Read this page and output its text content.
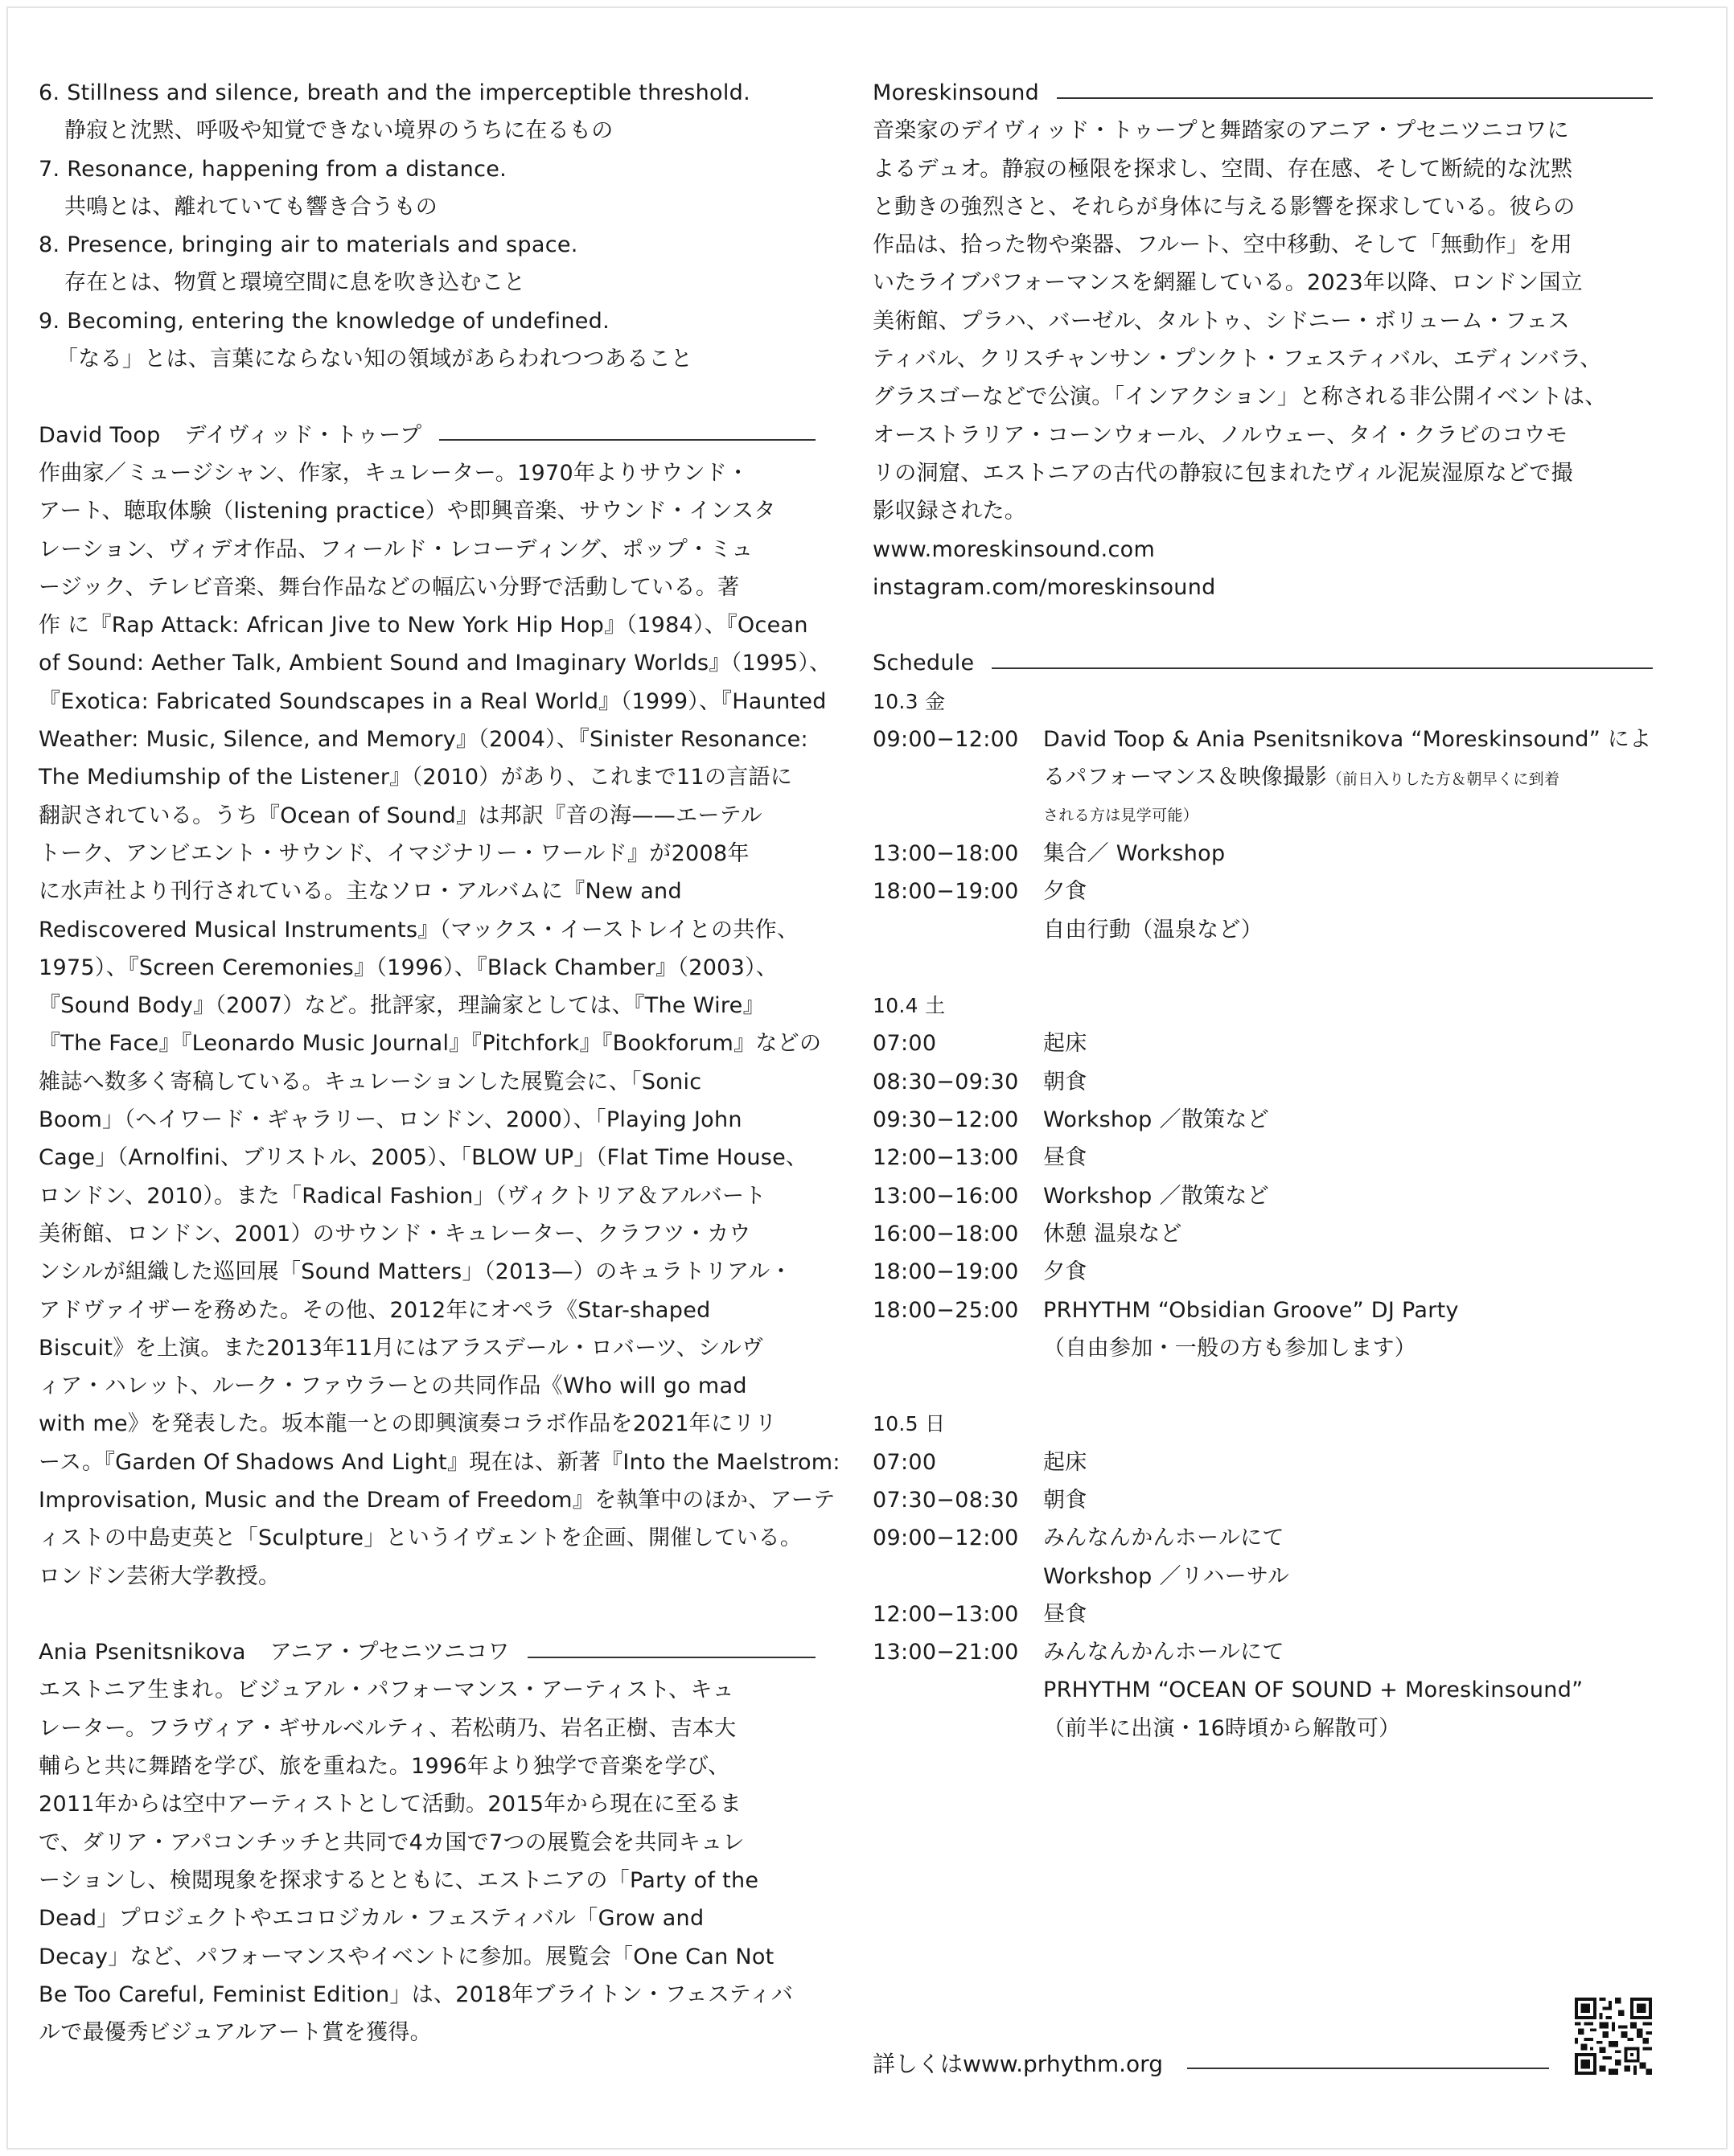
6. Stillness and silence, breath and the imperceptible threshold.
静寂と沈黙、呼吸や知覚できない境界のうちに在るもの
7. Resonance, happening from a distance.
共鳴とは、離れていても響き合うもの
8. Presence, bringing air to materials and space.
存在とは、物質と環境空間に息を吹き込むこと
9. Becoming, entering the knowledge of undefined.
「なる」とは、言葉にならない知の領域があらわれつつあること
David Toop デイヴィッド・トゥープ
作曲家／ミュージシャン、作家，キュレーター。1970年よりサウンド・
アート、聴取体験（listening practice）や即興音楽、サウンド・インスタ
レーション、ヴィデオ作品、フィールド・レコーディング、ポップ・ミュ
ージック、テレビ音楽、舞台作品などの幅広い分野で活動している。著
作 に『Rap Attack: African Jive to New York Hip Hop』（1984）、『Ocean
of Sound: Aether Talk, Ambient Sound and Imaginary Worlds』（1995）、
『Exotica: Fabricated Soundscapes in a Real World』（1999）、『Haunted
Weather: Music, Silence, and Memory』（2004）、『Sinister Resonance:
The Mediumship of the Listener』（2010）があり、これまで11の言語に
翻訳されている。うち『Ocean of Sound』は邦訳『音の海——エーテル
トーク、アンビエント・サウンド、イマジナリー・ワールド』が2008年
に水声社より刊行されている。主なソロ・アルバムに『New and
Rediscovered Musical Instruments』（マックス・イーストレイとの共作、
1975）、『Screen Ceremonies』（1996）、『Black Chamber』（2003）、
『Sound Body』（2007）など。批評家，理論家としては、『The Wire』
『The Face』『Leonardo Music Journal』『Pitchfork』『Bookforum』などの
雑誌へ数多く寄稿している。キュレーションした展覧会に、「Sonic
Boom」（ヘイワード・ギャラリー、ロンドン、2000）、「Playing John
Cage」（Arnolfini、ブリストル、2005）、「BLOW UP」（Flat Time House、
ロンドン、2010）。また「Radical Fashion」（ヴィクトリア＆アルバート
美術館、ロンドン、2001）のサウンド・キュレーター、クラフツ・カウ
ンシルが組織した巡回展「Sound Matters」（2013—）のキュラトリアル・
アドヴァイザーを務めた。その他、2012年にオペラ《Star-shaped
Biscuit》を上演。また2013年11月にはアラスデール・ロバーツ、シルヴ
ィア・ハレット、ルーク・ファウラーとの共同作品《Who will go mad
with me》を発表した。坂本龍一との即興演奏コラボ作品を2021年にリリ
ース。『Garden Of Shadows And Light』現在は、新著『Into the Maelstrom:
Improvisation, Music and the Dream of Freedom』を執筆中のほか、アーテ
ィストの中島吏英と「Sculpture」というイヴェントを企画、開催している。
ロンドン芸術大学教授。
Ania Psenitsnikova アニア・プセニツニコワ
エストニア生まれ。ビジュアル・パフォーマンス・アーティスト、キュ
レーター。フラヴィア・ギサルベルティ、若松萌乃、岩名正樹、吉本大
輔らと共に舞踏を学び、旅を重ねた。1996年より独学で音楽を学び、
2011年からは空中アーティストとして活動。2015年から現在に至るま
で、ダリア・アパコンチッチと共同で4カ国で7つの展覧会を共同キュレ
ーションし、検閲現象を探求するとともに、エストニアの「Party of the
Dead」プロジェクトやエコロジカル・フェスティバル「Grow and
Decay」など、パフォーマンスやイベントに参加。展覧会「One Can Not
Be Too Careful, Feminist Edition」は、2018年ブライトン・フェスティバ
ルで最優秀ビジュアルアート賞を獲得。
Moreskinsound
音楽家のデイヴィッド・トゥープと舞踏家のアニア・プセニツニコワに
よるデュオ。静寂の極限を探求し、空間、存在感、そして断続的な沈黙
と動きの強烈さと、それらが身体に与える影響を探求している。彼らの
作品は、拾った物や楽器、フルート、空中移動、そして「無動作」を用
いたライブパフォーマンスを網羅している。2023年以降、ロンドン国立
美術館、プラハ、バーゼル、タルトゥ、シドニー・ボリューム・フェス
ティバル、クリスチャンサン・プンクト・フェスティバル、エディンバラ、
グラスゴーなどで公演。「インアクション」と称される非公開イベントは、
オーストラリア・コーンウォール、ノルウェー、タイ・クラビのコウモ
リの洞窟、エストニアの古代の静寂に包まれたヴィル泥炭湿原などで撮
影収録された。
www.moreskinsound.com
instagram.com/moreskinsound
Schedule
10.3 金
09:00−12:00	David Toop & Ania Psenitsnikova “Moreskinsound” によ
るパフォーマンス＆映像撮影（前日入りした方＆朝早くに到着
される方は見学可能）
13:00−18:00	集合／ Workshop
18:00−19:00	夕食
自由行動（温泉など）
10.4 土
07:00	起床
08:30−09:30	朝食
09:30−12:00	Workshop ／散策など
12:00−13:00	昼食
13:00−16:00	Workshop ／散策など
16:00−18:00	休憩 温泉など
18:00−19:00	夕食
18:00−25:00	PRHYTHM “Obsidian Groove” DJ Party
（自由参加・一般の方も参加します）
10.5 日
07:00	起床
07:30−08:30	朝食
09:00−12:00	みんなんかんホールにて
Workshop ／リハーサル
12:00−13:00	昼食
13:00−21:00	みんなんかんホールにて
PRHYTHM “OCEAN OF SOUND + Moreskinsound”
（前半に出演・16時頃から解散可）
詳しくはwww.prhythm.org
